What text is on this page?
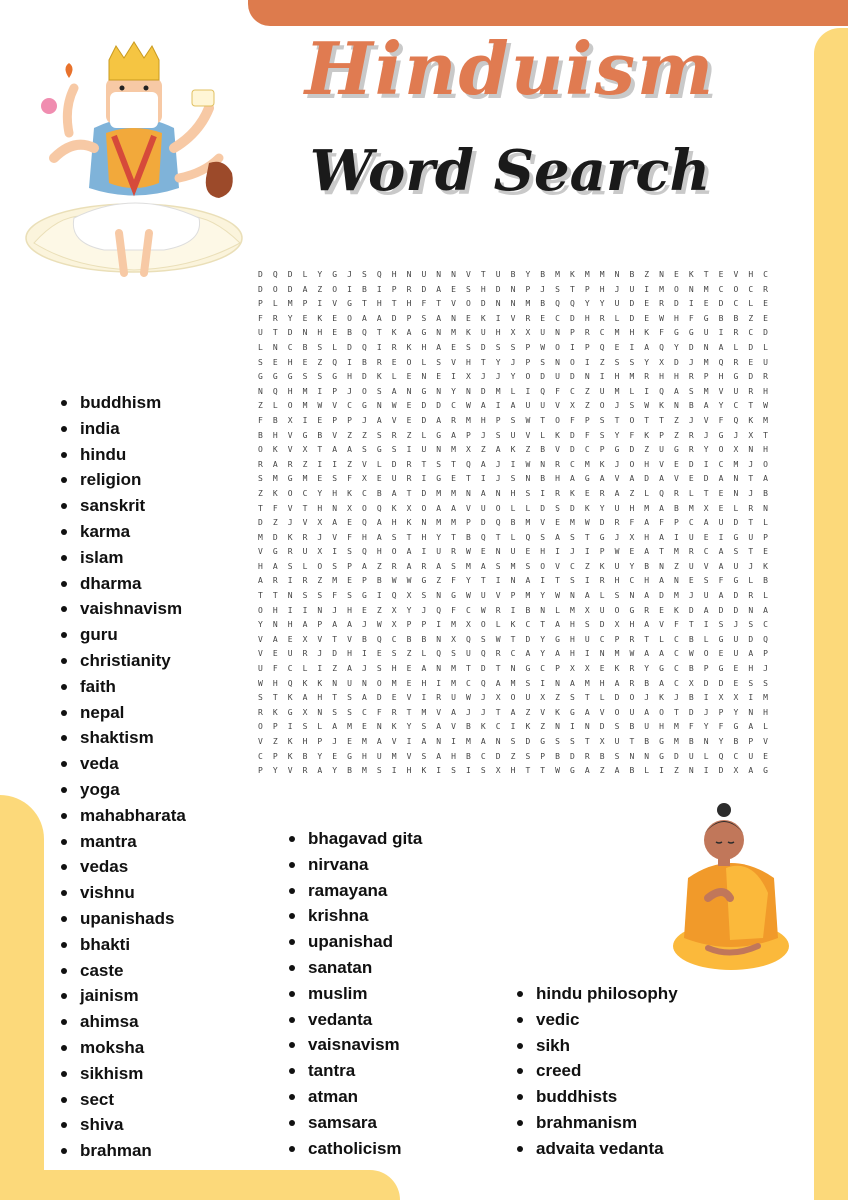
Hinduism
Word Search
D Q D L Y G J S Q H N U N N V T U B Y B M K M M N B Z N E K T E V H C
D O D A Z O I B I P R D A E S H D N P J S T P H J U I M O N M C O C R
P L M P I V G T H T H F T V O D N N M B Q Q Y Y U D E R D I E D C L E
F R Y E K E O A A D P S A N E K I V R E C D H R L D E W H F G B B Z E
U T D N H E B Q T K A G N M K U H X X U N P R C M H K F G G U I R C D
L N C B S L D Q I R K H A E S D S S P W O I P Q E I A Q Y D N A L D L
S E H E Z Q I B R E O L S V H T Y J P S N O I Z S S Y X D J M Q R E U
G G G S S G H D K L E N E I X J J Y O D U D N I H M R H H R P H G D R
N Q H M I P J O S A N G N Y N D M L I Q F C Z U M L I Q A S M V U R H
Z L O M W V C G N W E D D C W A I A U U V X Z O J S W K N B A Y C T W
F B X I E P P J A V E D A R M H P S W T O F P S T O T T Z J V F Q K M
B H V G B V Z Z S R Z L G A P J S U V L K D F S Y F K P Z R J G J X T
O K V X T A A S G S I U N M X Z A K Z B V D C P G D Z U G R Y O X N H
R A R Z I I Z V L D R T S T Q A J I W N R C M K J O H V E D I C M J O
S M G M E S F X E U R I G E T I J S N B H A G A V A D A V E D A N T A
Z K O C Y H K C B A T D M M N A N H S I R K E R A Z L Q R L T E N J B
T F V T H N X O Q K X O A A V U O L L D S D K Y U H M A B M X E L R N
D Z J V X A E Q A H K N M M P D Q B M V E M W D R F A F P C A U D T L
M D K R J V F H A S T H Y T B Q T L Q S A S T G J X H A I U E I G U P
V G R U X I S Q H O A I U R W E N U E H I J I P W E A T M R C A S T E
H A S L O S P A Z R A R A S M A S M S O V C Z K U Y B N Z U V A U J K
A R I R Z M E P B W W G Z F Y T I N A I T S I R H C H A N E S F G L B
T T N S S F S G I Q X S N G W U V P M Y W N A L S N A D M J U A D R L
O H I I N J H E Z X Y J Q F C W R I B N L M X U O G R E K D A D D N A
Y N H A P A A J W X P P I M X O L K C T A H S D X H A V F T I S J S C
V A E X V T V B Q C B B N X Q S W T D Y G H U C P R T L C B L G U D Q
V E U R J D H I E S Z L Q S U Q R C A Y A H I N M W A A C W O E U A P
U F C L I Z A J S H E A N M T D T N G C P X X E K R Y G C B P G E H J
W H Q K K N U N O M E H I M C Q A M S I N A M H A R B A C X D D E S S
S T K A H T S A D E V I R U W J X O U X Z S T L D O J K J B I X X I M
R K G X N S S C F R T M V A J J T A Z V K G A V O U A O T D J P Y N H
O P I S L A M E N K Y S A V B K C I K Z N I N D S B U H M F Y F G A L
V Z K H P J E M A V I A N I M A N S D G S S T X U T B G M B N Y B P V
C P K B Y E G H U M V S A H B C D Z S P B D R B S N N G D U L Q C U E
P Y V R A Y B M S I H K I S I S X H T T W G A Z A B L I Z N I D X A G
buddhism
india
hindu
religion
sanskrit
karma
islam
dharma
vaishnavism
guru
christianity
faith
nepal
shaktism
veda
yoga
mahabharata
mantra
vedas
vishnu
upanishads
bhakti
caste
jainism
ahimsa
moksha
sikhism
sect
shiva
brahman
bhagavad gita
nirvana
ramayana
krishna
upanishad
sanatan
muslim
vedanta
vaisnavism
tantra
atman
samsara
catholicism
hindu philosophy
vedic
sikh
creed
buddhists
brahmanism
advaita vedanta
